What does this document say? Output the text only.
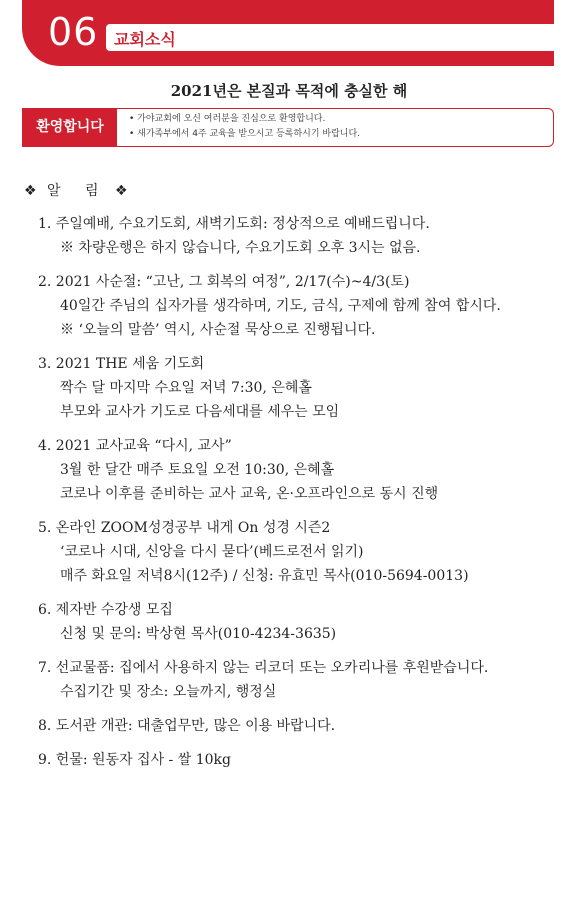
06 교회소식
2021년은 본질과 목적에 충실한 해
환영합니다
•	가야교회에 오신 여러분을 진심으로 환영합니다.
• 새가족부에서 4주 교육을 받으시고 등록하시기 바랍니다.
❖ 알 림 ❖
1. 주일예배, 수요기도회, 새벽기도회: 정상적으로 예배드립니다.
※ 차량운행은 하지 않습니다, 수요기도회 오후 3시는 없음.
2. 2021 사순절: “고난, 그 회복의 여정”, 2/17(수)~4/3(토)
40일간 주님의 십자가를 생각하며, 기도, 금식, 구제에 함께 참여 합시다.
※ ‘오늘의 말씀’ 역시, 사순절 묵상으로 진행됩니다.
3. 2021 THE 세움 기도회
짝수 달 마지막 수요일 저녁 7:30, 은혜홀
부모와 교사가 기도로 다음세대를 세우는 모임
4. 2021 교사교육 “다시, 교사”
3월 한 달간 매주 토요일 오전 10:30, 은혜홀
코로나 이후를 준비하는 교사 교육, 온·오프라인으로 동시 진행
5. 온라인 ZOOM성경공부 내게 On 성경 시즌2
‘코로나 시대, 신앙을 다시 묻다’(베드로전서 읽기)
매주 화요일 저녁8시(12주) / 신청: 유효민 목사(010-5694-0013)
6. 제자반 수강생 모집
신청 및 문의: 박상현 목사(010-4234-3635)
7. 선교물품: 집에서 사용하지 않는 리코더 또는 오카리나를 후원받습니다.
수집기간 및 장소: 오늘까지, 행정실
8. 도서관 개관: 대출업무만, 많은 이용 바랍니다.
9. 헌물: 원동자 집사 - 쌀 10kg
